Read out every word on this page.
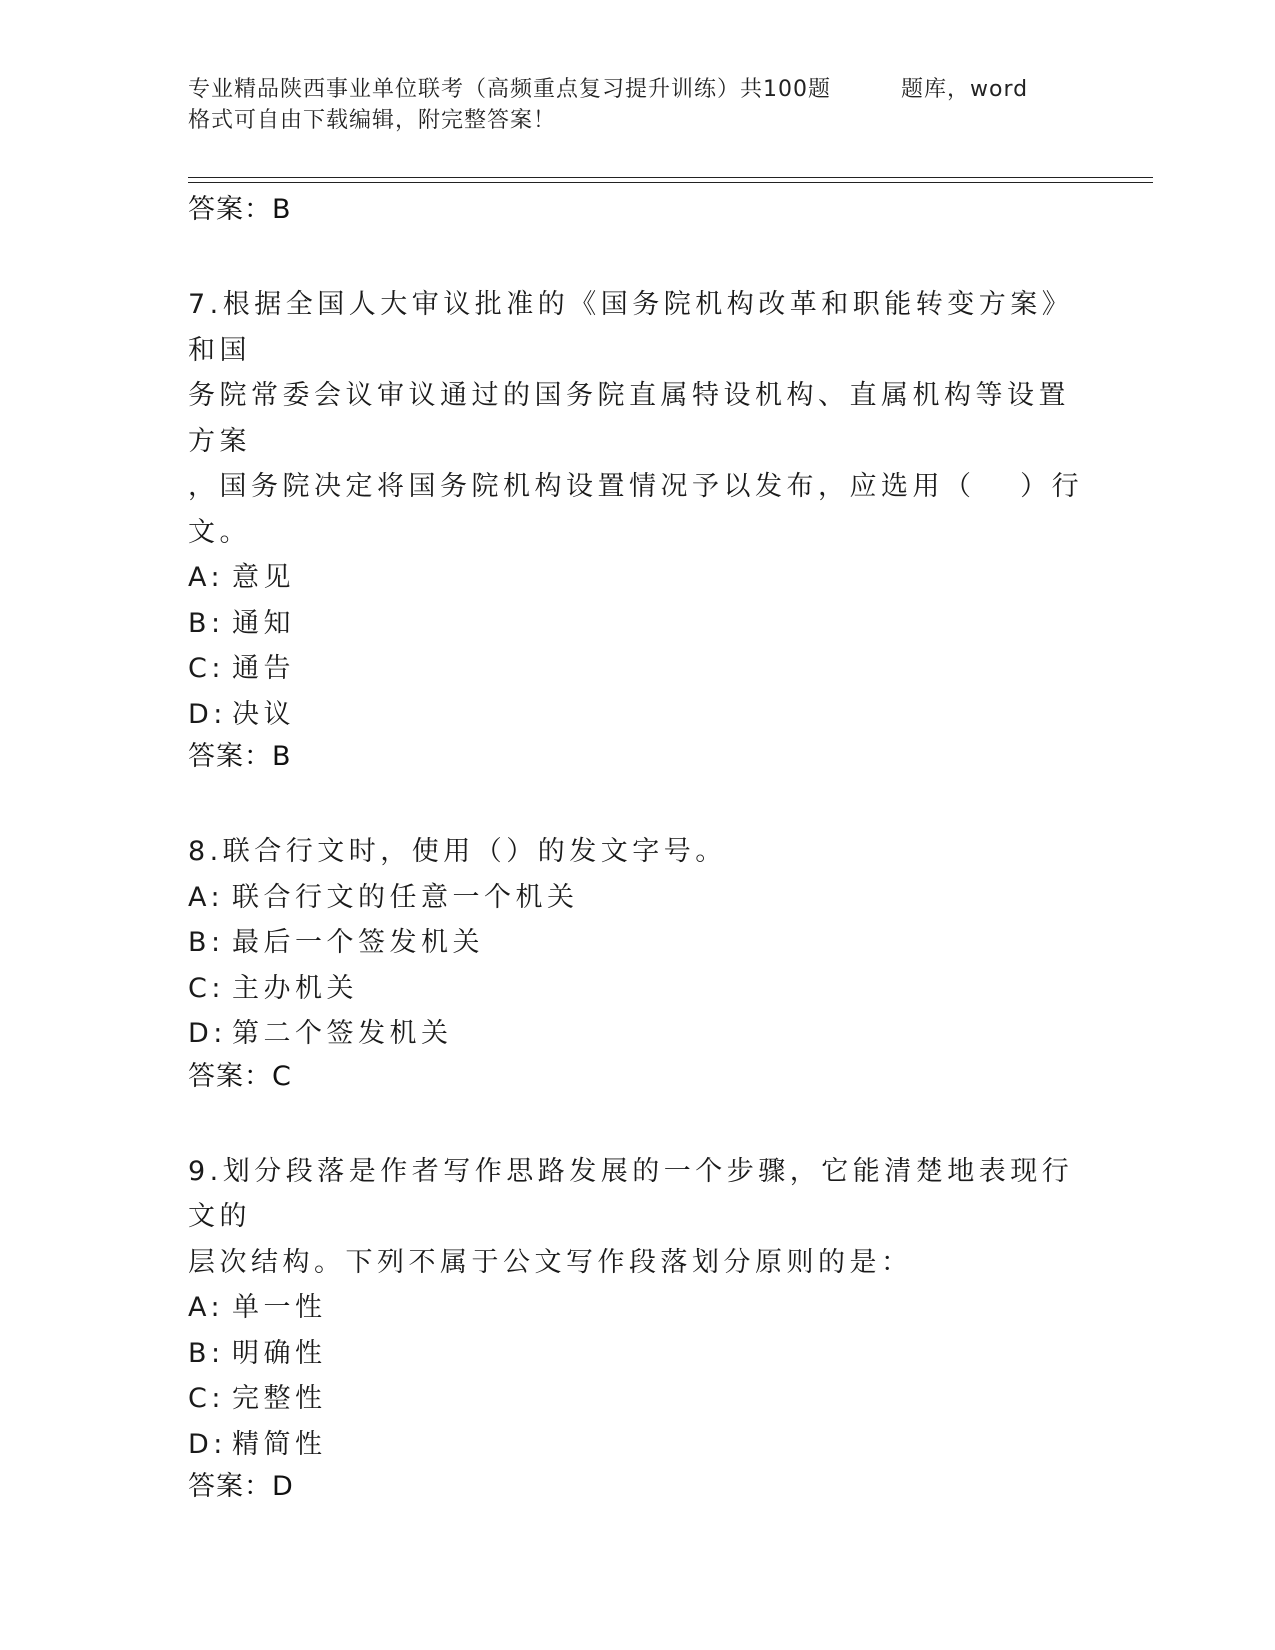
专业精品陕西事业单位联考（高频重点复习提升训练）共100题	题库，word
格式可自由下载编辑，附完整答案！
答案：B
7.根据全国人大审议批准的《国务院机构改革和职能转变方案》和国
务院常委会议审议通过的国务院直属特设机构、直属机构等设置方案
，国务院决定将国务院机构设置情况予以发布，应选用（　 ）行文。
A: 意见
B: 通知
C: 通告
D: 决议
答案：B
8.联合行文时，使用（）的发文字号。
A: 联合行文的任意一个机关
B: 最后一个签发机关
C: 主办机关
D: 第二个签发机关
答案：C
9.划分段落是作者写作思路发展的一个步骤，它能清楚地表现行文的
层次结构。下列不属于公文写作段落划分原则的是：
A: 单一性
B: 明确性
C: 完整性
D: 精简性
答案：D
